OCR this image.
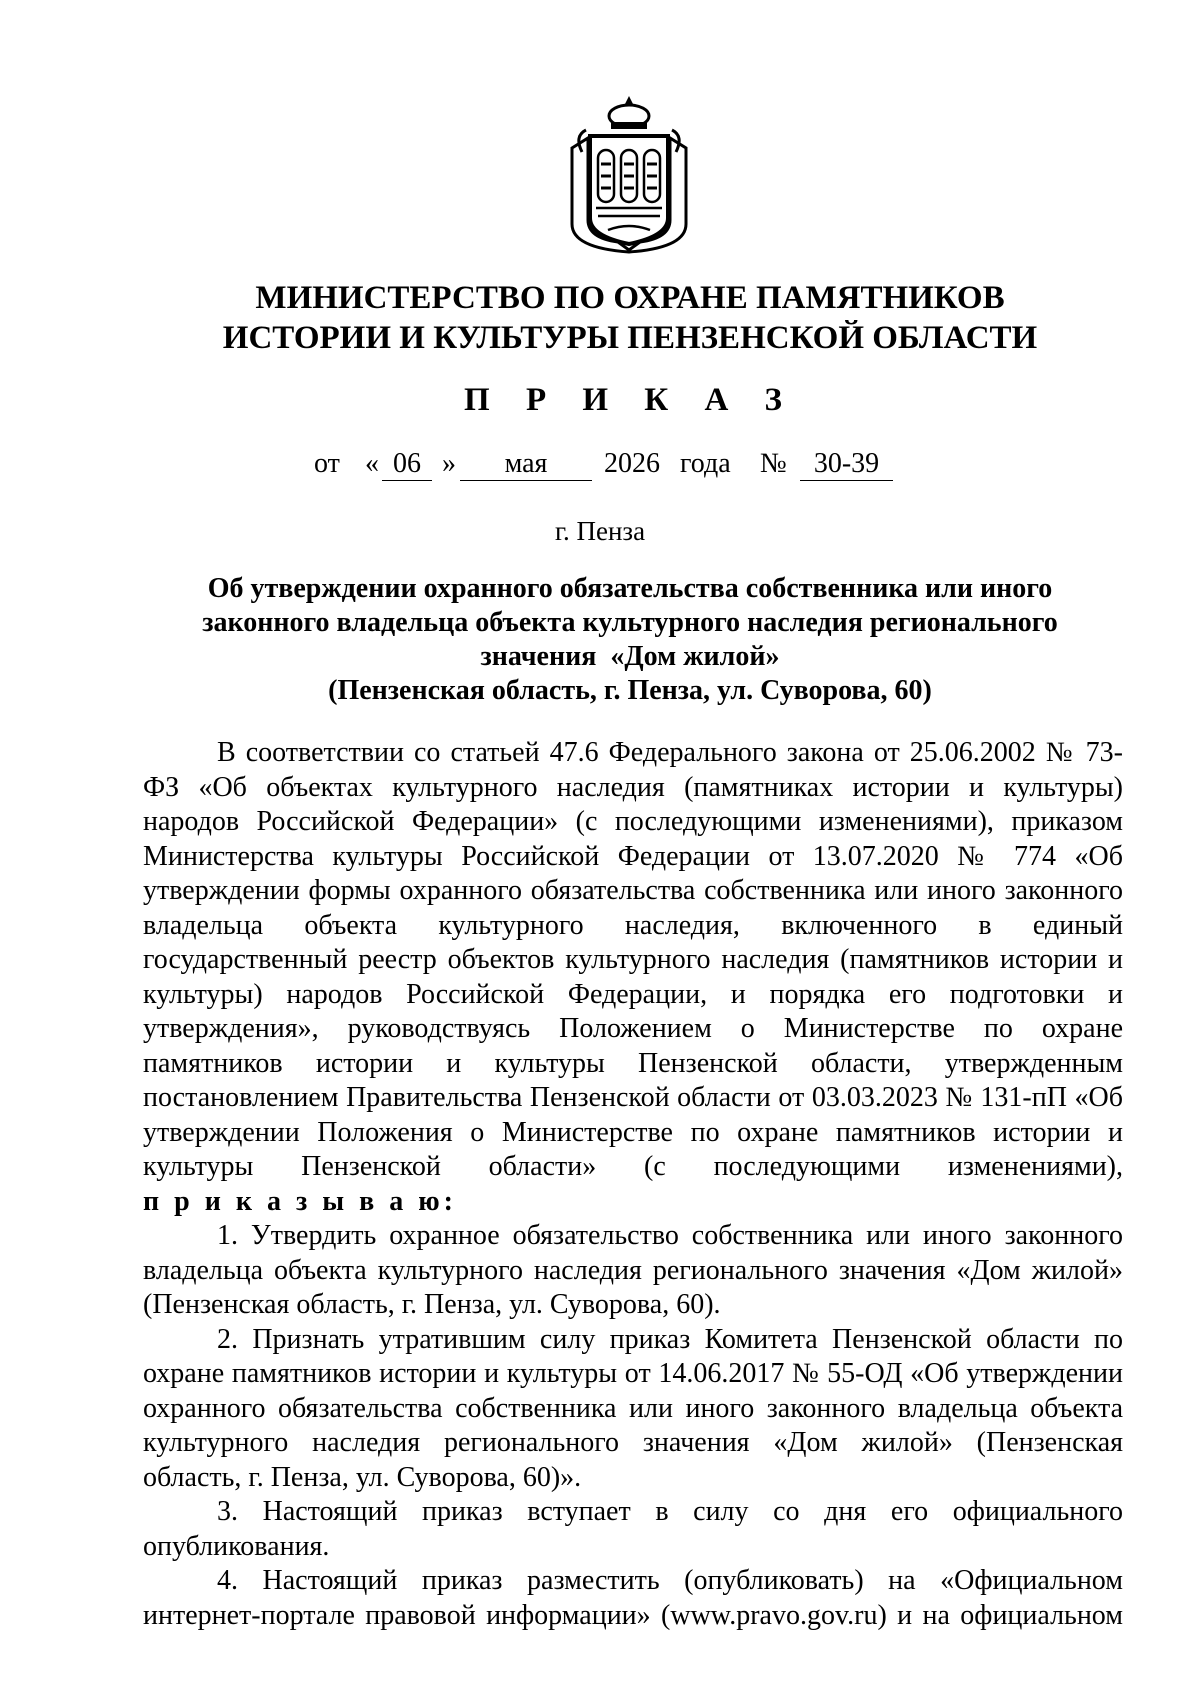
МИНИСТЕРСТВО ПО ОХРАНЕ ПАМЯТНИКОВ
ИСТОРИИ И КУЛЬТУРЫ ПЕНЗЕНСКОЙ ОБЛАСТИ
П Р И К А З
от « 06 »	мая	2026 года № 30-39
г. Пенза
Об утверждении охранного обязательства собственника или иного
законного владельца объекта культурного наследия регионального
значения  «Дом жилой»
(Пензенская область, г. Пенза, ул. Суворова, 60)

В соответствии со статьей 47.6 Федерального закона от 25.06.2002 № 73-ФЗ «Об объектах культурного наследия (памятниках истории и культуры) народов Российской Федерации» (с последующими изменениями), приказом Министерства культуры Российской Федерации от 13.07.2020 № 774 «Об утверждении формы охранного обязательства собственника или иного законного владельца объекта культурного наследия, включенного в единый государственный реестр объектов культурного наследия (памятников истории и культуры) народов Российской Федерации, и порядка его подготовки и утверждения», руководствуясь Положением о Министерстве по охране памятников истории и культуры Пензенской области, утвержденным постановлением Правительства Пензенской области от 03.03.2023 № 131-пП «Об утверждении Положения о Министерстве по охране памятников истории и культуры Пензенской области» (с последующими изменениями),

п р и к а з ы в а ю:

1. Утвердить охранное обязательство собственника или иного законного владельца объекта культурного наследия регионального значения «Дом жилой» (Пензенская область, г. Пенза, ул. Суворова, 60).

2. Признать утратившим силу приказ Комитета Пензенской области по охране памятников истории и культуры от 14.06.2017 № 55-ОД «Об утверждении охранного обязательства собственника или иного законного владельца объекта культурного наследия регионального значения «Дом жилой» (Пензенская область, г. Пенза, ул. Суворова, 60)».

3. Настоящий приказ вступает в силу со дня его официального опубликования.

4. Настоящий приказ разместить (опубликовать) на «Официальном интернет-портале правовой информации» (www.pravo.gov.ru) и на официальном
